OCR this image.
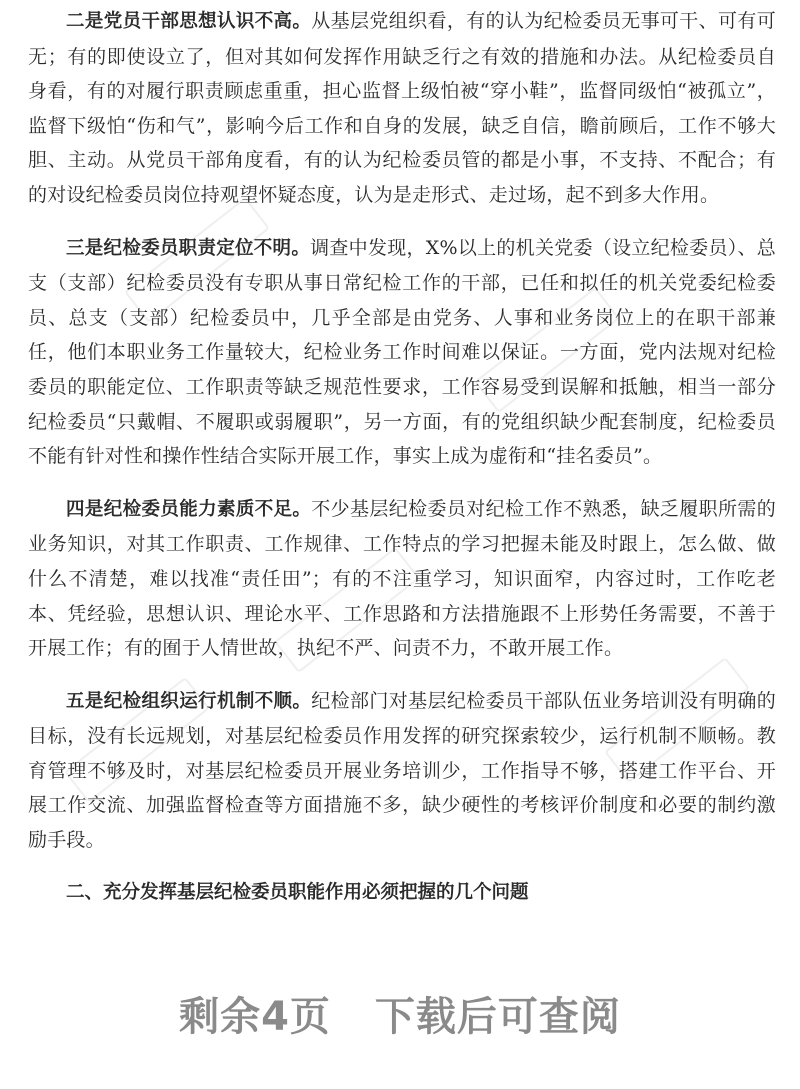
二是党员干部思想认识不高。从基层党组织看，有的认为纪检委员无事可干、可有可无；有的即使设立了，但对其如何发挥作用缺乏行之有效的措施和办法。从纪检委员自身看，有的对履行职责顾虑重重，担心监督上级怕被“穿小鞋”，监督同级怕“被孤立”，监督下级怕“伤和气”，影响今后工作和自身的发展，缺乏自信，瞻前顾后，工作不够大胆、主动。从党员干部角度看，有的认为纪检委员管的都是小事，不支持、不配合；有的对设纪检委员岗位持观望怀疑态度，认为是走形式、走过场，起不到多大作用。

三是纪检委员职责定位不明。调查中发现，X%以上的机关党委（设立纪检委员）、总支（支部）纪检委员没有专职从事日常纪检工作的干部，已任和拟任的机关党委纪检委员、总支（支部）纪检委员中，几乎全部是由党务、人事和业务岗位上的在职干部兼任，他们本职业务工作量较大，纪检业务工作时间难以保证。一方面，党内法规对纪检委员的职能定位、工作职责等缺乏规范性要求，工作容易受到误解和抵触，相当一部分纪检委员“只戴帽、不履职或弱履职”，另一方面，有的党组织缺少配套制度，纪检委员不能有针对性和操作性结合实际开展工作，事实上成为虚衔和“挂名委员”。

四是纪检委员能力素质不足。不少基层纪检委员对纪检工作不熟悉，缺乏履职所需的业务知识，对其工作职责、工作规律、工作特点的学习把握未能及时跟上，怎么做、做什么不清楚，难以找准“责任田”；有的不注重学习，知识面窄，内容过时，工作吃老本、凭经验，思想认识、理论水平、工作思路和方法措施跟不上形势任务需要，不善于开展工作；有的囿于人情世故，执纪不严、问责不力，不敢开展工作。

五是纪检组织运行机制不顺。纪检部门对基层纪检委员干部队伍业务培训没有明确的目标，没有长远规划，对基层纪检委员作用发挥的研究探索较少，运行机制不顺畅。教育管理不够及时，对基层纪检委员开展业务培训少，工作指导不够，搭建工作平台、开展工作交流、加强监督检查等方面措施不多，缺少硬性的考核评价制度和必要的制约激励手段。

二、充分发挥基层纪检委员职能作用必须把握的几个问题

剩余4页 下载后可查阅
